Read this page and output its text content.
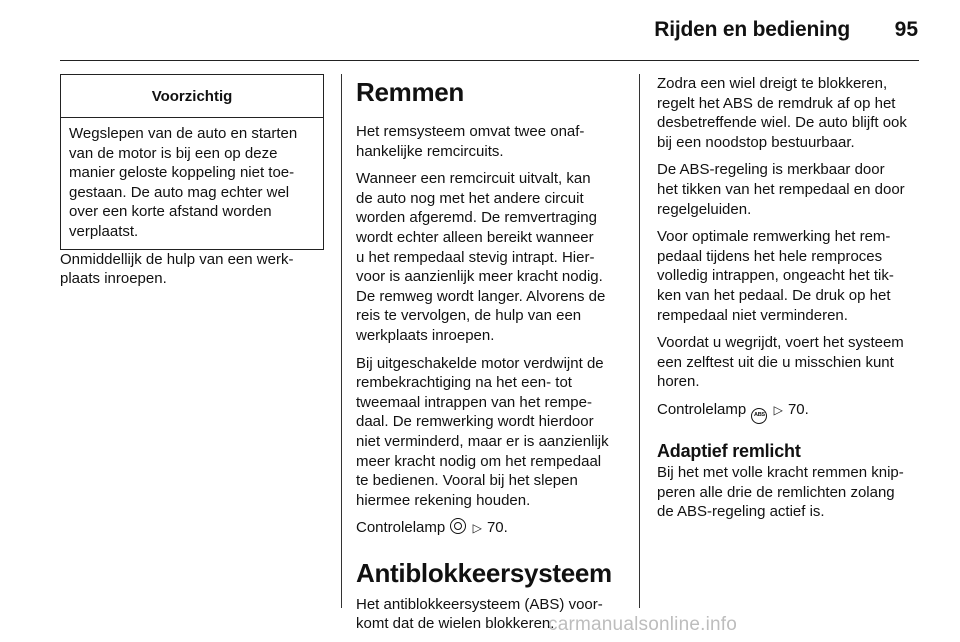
Rijden en bediening	95
Voorzichtig
Wegslepen van de auto en starten
van de motor is bij een op deze
manier geloste koppeling niet toe-
gestaan. De auto mag echter wel
over een korte afstand worden
verplaatst.

Onmiddellijk de hulp van een werk-
plaats inroepen.

Remmen

Het remsysteem omvat twee onaf-
hankelijke remcircuits.

Wanneer een remcircuit uitvalt, kan
de auto nog met het andere circuit
worden afgeremd. De remvertraging
wordt echter alleen bereikt wanneer
u het rempedaal stevig intrapt. Hier-
voor is aanzienlijk meer kracht nodig.
De remweg wordt langer. Alvorens de
reis te vervolgen, de hulp van een
werkplaats inroepen.

Bij uitgeschakelde motor verdwijnt de
rembekrachtiging na het een- tot
tweemaal intrappen van het rempe-
daal. De remwerking wordt hierdoor
niet verminderd, maar er is aanzienlijk
meer kracht nodig om het rempedaal
te bedienen. Vooral bij het slepen
hiermee rekening houden.

Controlelamp ▷ 70.

Antiblokkeersysteem

Het antiblokkeersysteem (ABS) voor-
komt dat de wielen blokkeren.

Zodra een wiel dreigt te blokkeren,
regelt het ABS de remdruk af op het
desbetreffende wiel. De auto blijft ook
bij een noodstop bestuurbaar.

De ABS-regeling is merkbaar door
het tikken van het rempedaal en door
regelgeluiden.

Voor optimale remwerking het rem-
pedaal tijdens het hele remproces
volledig intrappen, ongeacht het tik-
ken van het pedaal. De druk op het
rempedaal niet verminderen.

Voordat u wegrijdt, voert het systeem
een zelftest uit die u misschien kunt
horen.

Controlelamp ABS ▷ 70.

Adaptief remlicht

Bij het met volle kracht remmen knip-
peren alle drie de remlichten zolang
de ABS-regeling actief is.

carmanualsonline.info
